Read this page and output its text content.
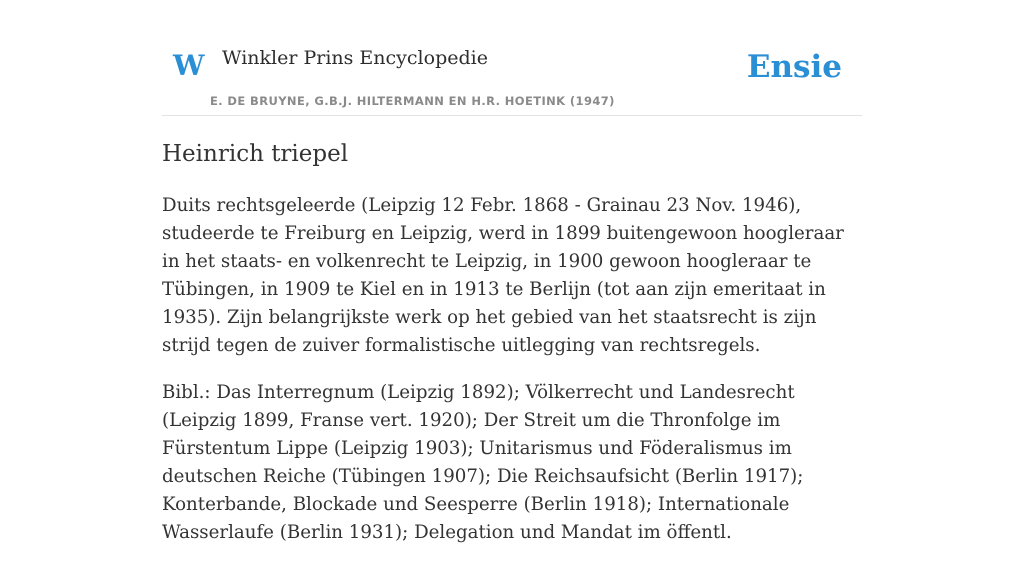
W Winkler Prins Encyclopedie
E. DE BRUYNE, G.B.J. HILTERMANN EN H.R. HOETINK (1947)
Ensie
Heinrich triepel

Duits rechtsgeleerde (Leipzig 12 Febr. 1868 - Grainau 23 Nov. 1946), studeerde te Freiburg en Leipzig, werd in 1899 buitengewoon hoogleraar in het staats- en volkenrecht te Leipzig, in 1900 gewoon hoogleraar te Tübingen, in 1909 te Kiel en in 1913 te Berlijn (tot aan zijn emeritaat in 1935). Zijn belangrijkste werk op het gebied van het staatsrecht is zijn strijd tegen de zuiver formalistische uitlegging van rechtsregels.

Bibl.: Das Interregnum (Leipzig 1892); Völkerrecht und Landesrecht (Leipzig 1899, Franse vert. 1920); Der Streit um die Thronfolge im Fürstentum Lippe (Leipzig 1903); Unitarismus und Föderalismus im deutschen Reiche (Tübingen 1907); Die Reichsaufsicht (Berlin 1917); Konterbande, Blockade und Seesperre (Berlin 1918); Internationale Wasserlaufe (Berlin 1931); Delegation und Mandat im öffentl.
